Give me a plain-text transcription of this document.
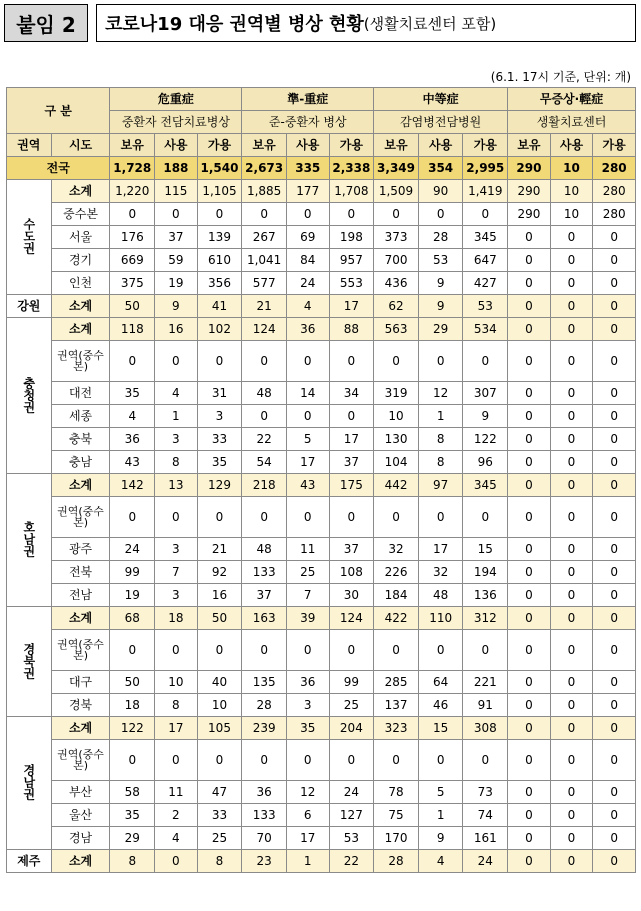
붙임 2	코로나19 대응 권역별 병상 현황 (생활치료센터 포함)
(6.1. 17시 기준, 단위: 개)
구 분		危重症			準-重症			中等症			무증상·輕症		
		중환자 전담치료병상			준-중환자 병상			감염병전담병원			생활치료센터		
권역	시도	보유	사용	가용	보유	사용	가용	보유	사용	가용	보유	사용	가용
전국		1,728	188	1,540	2,673	335	2,338	3,349	354	2,995	290	10	280
수도권	소계	1,220	115	1,105	1,885	177	1,708	1,509	90	1,419	290	10	280
	중수본	0	0	0	0	0	0	0	0	0	290	10	280
	서울	176	37	139	267	69	198	373	28	345	0	0	0
	경기	669	59	610	1,041	84	957	700	53	647	0	0	0
	인천	375	19	356	577	24	553	436	9	427	0	0	0
강원	소계	50	9	41	21	4	17	62	9	53	0	0	0
충청권	소계	118	16	102	124	36	88	563	29	534	0	0	0
	권역(중수본)	0	0	0	0	0	0	0	0	0	0	0	0
	대전	35	4	31	48	14	34	319	12	307	0	0	0
	세종	4	1	3	0	0	0	10	1	9	0	0	0
	충북	36	3	33	22	5	17	130	8	122	0	0	0
	충남	43	8	35	54	17	37	104	8	96	0	0	0
호남권	소계	142	13	129	218	43	175	442	97	345	0	0	0
	권역(중수본)	0	0	0	0	0	0	0	0	0	0	0	0
	광주	24	3	21	48	11	37	32	17	15	0	0	0
	전북	99	7	92	133	25	108	226	32	194	0	0	0
	전남	19	3	16	37	7	30	184	48	136	0	0	0
경북권	소계	68	18	50	163	39	124	422	110	312	0	0	0
	권역(중수본)	0	0	0	0	0	0	0	0	0	0	0	0
	대구	50	10	40	135	36	99	285	64	221	0	0	0
	경북	18	8	10	28	3	25	137	46	91	0	0	0
경남권	소계	122	17	105	239	35	204	323	15	308	0	0	0
	권역(중수본)	0	0	0	0	0	0	0	0	0	0	0	0
	부산	58	11	47	36	12	24	78	5	73	0	0	0
	울산	35	2	33	133	6	127	75	1	74	0	0	0
	경남	29	4	25	70	17	53	170	9	161	0	0	0
제주	소계	8	0	8	23	1	22	28	4	24	0	0	0
